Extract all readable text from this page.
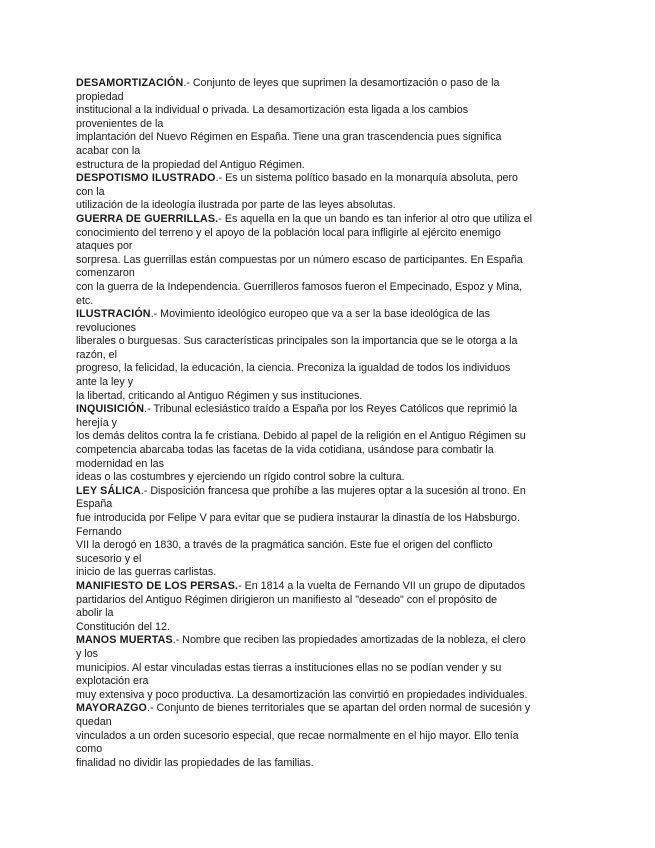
DESAMORTIZACIÓN.- Conjunto de leyes que suprimen la desamortización o paso de la
propiedad
institucional a la individual o privada. La desamortización esta ligada a los cambios
provenientes de la
implantación del Nuevo Régimen en España. Tiene una gran trascendencia pues significa
acabar con la
estructura de la propiedad del Antiguo Régimen.
DESPOTISMO ILUSTRADO.- Es un sistema político basado en la monarquía absoluta, pero
con la
utilización de la ideología ilustrada por parte de las leyes absolutas.
GUERRA DE GUERRILLAS.- Es aquella en la que un bando es tan inferior al otro que utiliza el
conocimiento del terreno y el apoyo de la población local para infligirle al ejército enemigo
ataques por
sorpresa. Las guerrillas están compuestas por un número escaso de participantes. En España
comenzaron
con la guerra de la Independencia. Guerrilleros famosos fueron el Empecinado, Espoz y Mina,
etc.
ILUSTRACIÓN.- Movimiento ideológico europeo que va a ser la base ideológica de las
revoluciones
liberales o burguesas. Sus características principales son la importancia que se le otorga a la
razón, el
progreso, la felicidad, la educación, la ciencia. Preconiza la igualdad de todos los individuos
ante la ley y
la libertad, criticando al Antiguo Régimen y sus instituciones.
INQUISICIÓN.- Tribunal eclesiástico traído a España por los Reyes Católicos que reprimió la
herejía y
los demás delitos contra la fe cristiana. Debido al papel de la religión en el Antiguo Régimen su
competencia abarcaba todas las facetas de la vida cotidiana, usándose para combatir la
modernidad en las
ideas o las costumbres y ejerciendo un rígido control sobre la cultura.
LEY SÁLICA.- Disposición francesa que prohíbe a las mujeres optar a la sucesión al trono. En
España
fue introducida por Felipe V para evitar que se pudiera instaurar la dinastía de los Habsburgo.
Fernando
VII la derogó en 1830, a través de la pragmática sanción. Este fue el origen del conflicto
sucesorio y el
inicio de las guerras carlistas.
MANIFIESTO DE LOS PERSAS.- En 1814 a la vuelta de Fernando VII un grupo de diputados
partidarios del Antiguo Régimen dirigieron un manifiesto al "deseado" con el propósito de
abolir la
Constitución del 12.
MANOS MUERTAS.- Nombre que reciben las propiedades amortizadas de la nobleza, el clero
y los
municipios. Al estar vinculadas estas tierras a instituciones ellas no se podían vender y su
explotación era
muy extensiva y poco productiva. La desamortización las convirtió en propiedades individuales.
MAYORAZGO.- Conjunto de bienes territoriales que se apartan del orden normal de sucesión y
quedan
vinculados a un orden sucesorio especial, que recae normalmente en el hijo mayor. Ello tenía
como
finalidad no dividir las propiedades de las familias.
